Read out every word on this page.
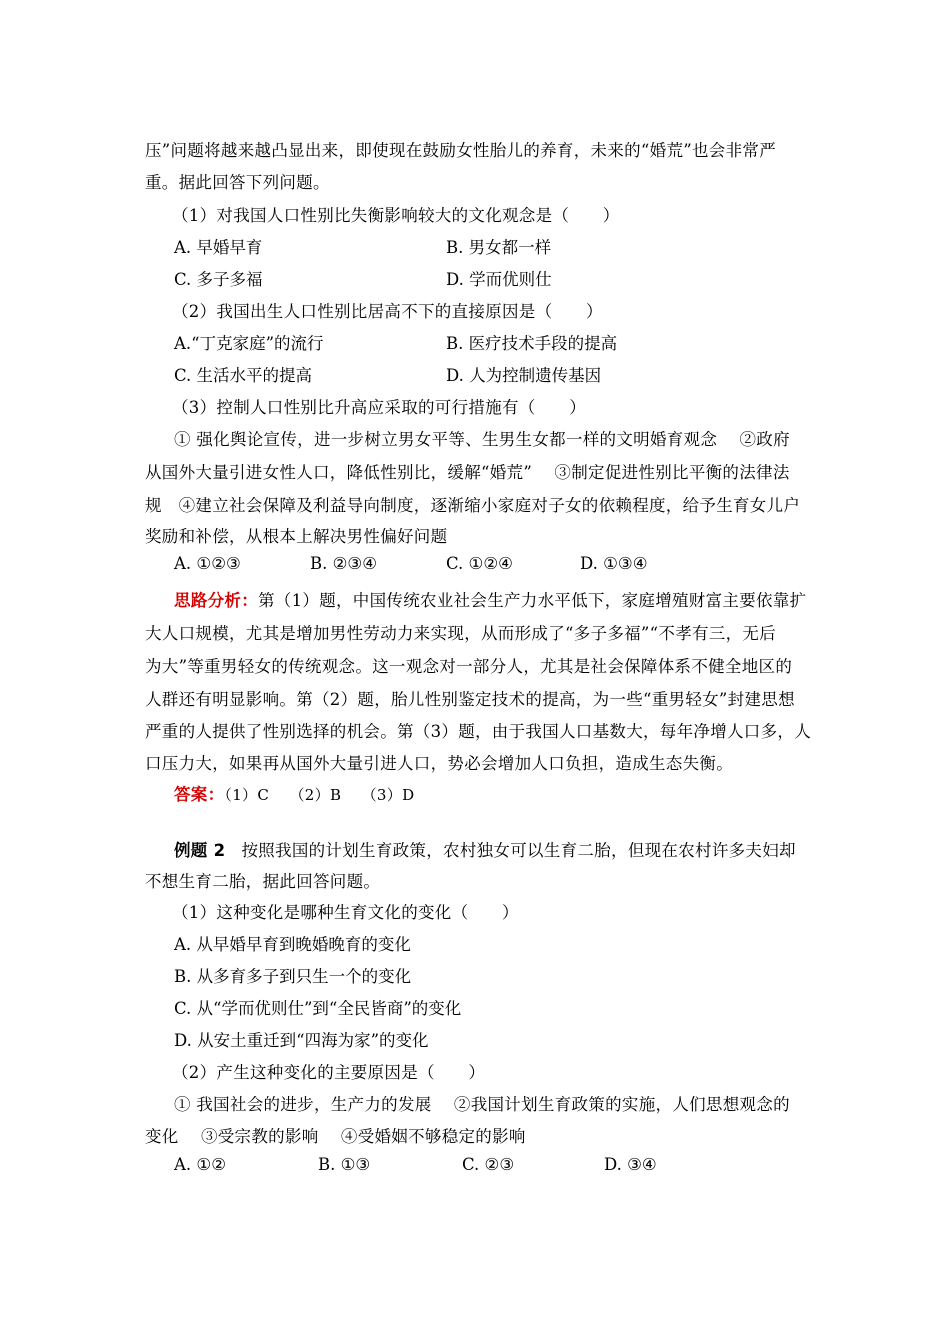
压”问题将越来越凸显出来，即使现在鼓励女性胎儿的养育，未来的“婚荒”也会非常严
重。据此回答下列问题。
（1）对我国人口性别比失衡影响较大的文化观念是（　　）
A. 早婚早育	B. 男女都一样
C. 多子多福	D. 学而优则仕
（2）我国出生人口性别比居高不下的直接原因是（　　）
A.“丁克家庭”的流行	B. 医疗技术手段的提高
C. 生活水平的提高	D. 人为控制遗传基因
（3）控制人口性别比升高应采取的可行措施有（　　）
① 强化舆论宣传，进一步树立男女平等、生男生女都一样的文明婚育观念　 ②政府
从国外大量引进女性人口，降低性别比，缓解“婚荒”　 ③制定促进性别比平衡的法律法
规　④建立社会保障及利益导向制度，逐渐缩小家庭对子女的依赖程度，给予生育女儿户
奖励和补偿，从根本上解决男性偏好问题
A. ①②③	B. ②③④	C. ①②④	D. ①③④
思路分析：第（1）题，中国传统农业社会生产力水平低下，家庭增殖财富主要依靠扩
大人口规模，尤其是增加男性劳动力来实现，从而形成了“多子多福”“不孝有三，无后
为大”等重男轻女的传统观念。这一观念对一部分人，尤其是社会保障体系不健全地区的
人群还有明显影响。第（2）题，胎儿性别鉴定技术的提高，为一些“重男轻女”封建思想
严重的人提供了性别选择的机会。第（3）题，由于我国人口基数大，每年净增人口多，人
口压力大，如果再从国外大量引进人口，势必会增加人口负担，造成生态失衡。
答案：（1）C　 （2）B　 （3）D
例题 2 按照我国的计划生育政策，农村独女可以生育二胎，但现在农村许多夫妇却
不想生育二胎，据此回答问题。
（1）这种变化是哪种生育文化的变化（　　）
A. 从早婚早育到晚婚晚育的变化
B. 从多育多子到只生一个的变化
C. 从“学而优则仕”到“全民皆商”的变化
D. 从安土重迁到“四海为家”的变化
（2）产生这种变化的主要原因是（　　）
① 我国社会的进步，生产力的发展　 ②我国计划生育政策的实施，人们思想观念的
变化　 ③受宗教的影响　 ④受婚姻不够稳定的影响
A. ①②	B. ①③	C. ②③	D. ③④
